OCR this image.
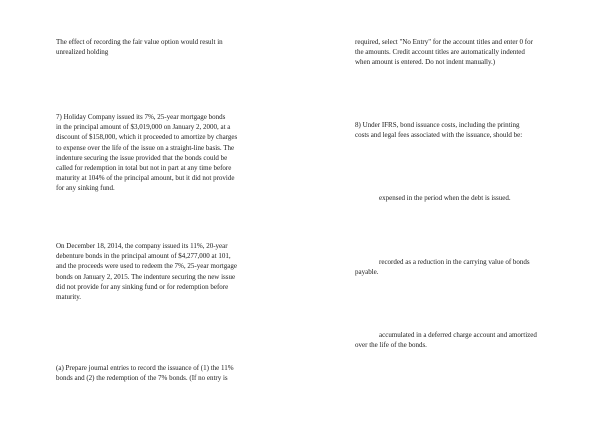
The effect of recording the fair value option would result in
unrealized holding

7) Holiday Company issued its 7%, 25-year mortgage bonds
in the principal amount of $3,019,000 on January 2, 2000, at a
discount of $158,000, which it proceeded to amortize by charges
to expense over the life of the issue on a straight-line basis. The
indenture securing the issue provided that the bonds could be
called for redemption in total but not in part at any time before
maturity at 104% of the principal amount, but it did not provide
for any sinking fund.

On December 18, 2014, the company issued its 11%, 20-year
debenture bonds in the principal amount of $4,277,000 at 101,
and the proceeds were used to redeem the 7%, 25-year mortgage
bonds on January 2, 2015. The indenture securing the new issue
did not provide for any sinking fund or for redemption before
maturity.

(a) Prepare journal entries to record the issuance of (1) the 11%
bonds and (2) the redemption of the 7% bonds. (If no entry is

required, select "No Entry" for the account titles and enter 0 for
the amounts. Credit account titles are automatically indented
when amount is entered. Do not indent manually.)

8) Under IFRS, bond issuance costs, including the printing
costs and legal fees associated with the issuance, should be:

expensed in the period when the debt is issued.

recorded as a reduction in the carrying value of bonds

payable.

accumulated in a deferred charge account and amortized

over the life of the bonds.
